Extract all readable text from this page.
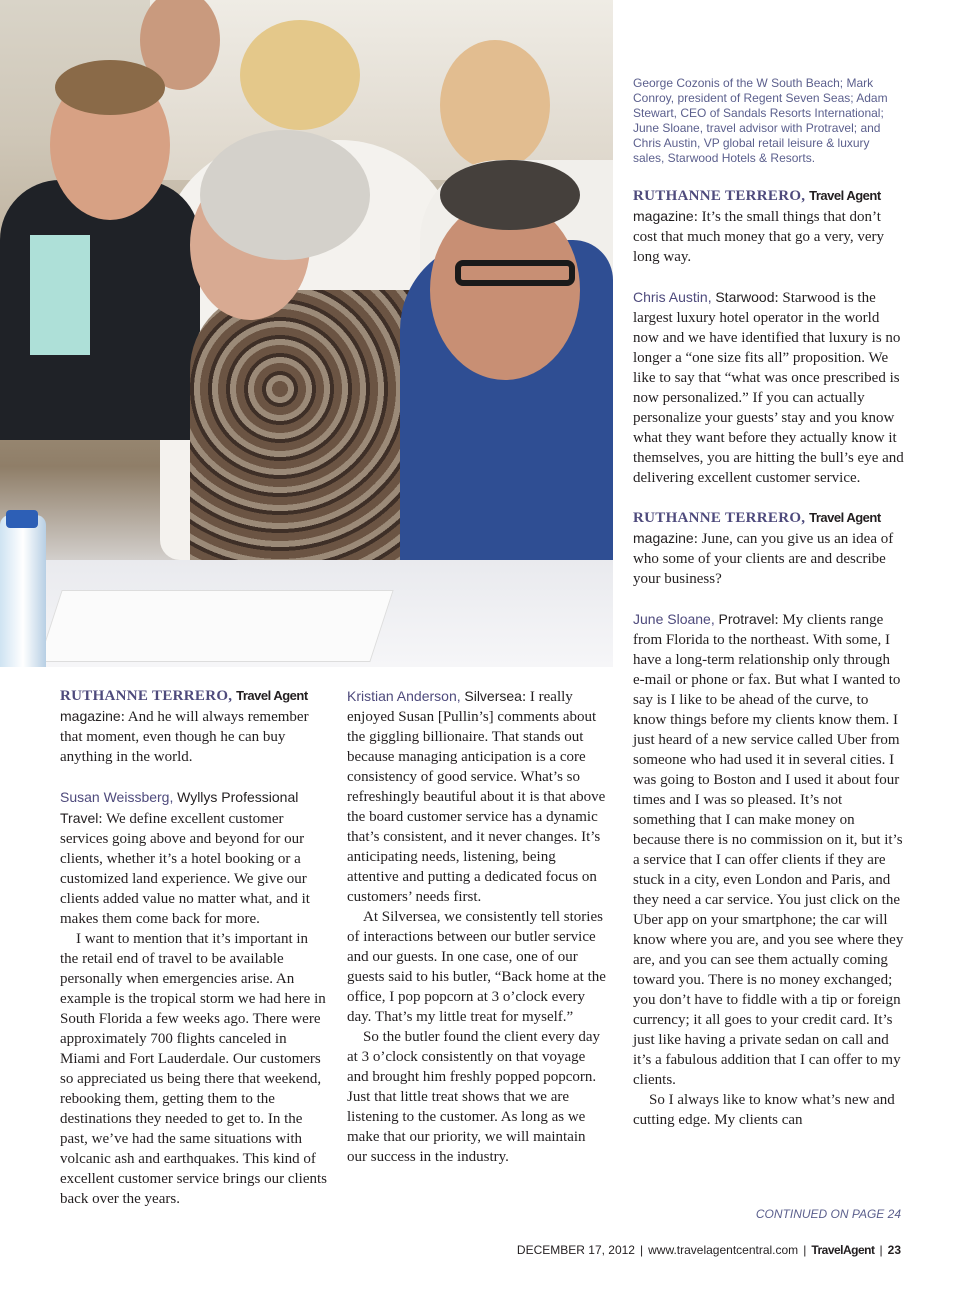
George Cozonis of the W South Beach; Mark Conroy, president of Regent Seven Seas; Adam Stewart, CEO of Sandals Resorts International; June Sloane, travel advisor with Protravel; and Chris Austin, VP global retail leisure & luxury sales, Starwood Hotels & Resorts.

RUTHANNE TERRERO, Travel Agent
magazine: And he will always remember that moment, even though he can buy anything in the world.

Susan Weissberg, Wyllys Professional Travel: We define excellent customer services going above and beyond for our clients, whether it’s a hotel booking or a customized land experience. We give our clients added value no matter what, and it makes them come back for more.

I want to mention that it’s important in the retail end of travel to be available personally when emergencies arise. An example is the tropical storm we had here in South Florida a few weeks ago. There were approximately 700 flights canceled in Miami and Fort Lauderdale. Our customers so appreciated us being there that weekend, rebooking them, getting them to the destinations they needed to get to. In the past, we’ve had the same situations with volcanic ash and earthquakes. This kind of excellent customer service brings our clients back over the years.

Kristian Anderson, Silversea: I really enjoyed Susan [Pullin’s] comments about the giggling billionaire. That stands out because managing anticipation is a core consistency of good service. What’s so refreshingly beautiful about it is that above the board customer service has a dynamic that’s consistent, and it never changes. It’s anticipating needs, listening, being attentive and putting a dedicated focus on customers’ needs first.

At Silversea, we consistently tell stories of interactions between our butler service and our guests. In one case, one of our guests said to his butler, “Back home at the office, I pop popcorn at 3 o’clock every day. That’s my little treat for myself.”

So the butler found the client every day at 3 o’clock consistently on that voyage and brought him freshly popped popcorn. Just that little treat shows that we are listening to the customer. As long as we make that our priority, we will maintain our success in the industry.

RUTHANNE TERRERO, Travel Agent
magazine: It’s the small things that don’t cost that much money that go a very, very long way.

Chris Austin, Starwood: Starwood is the largest luxury hotel operator in the world now and we have identified that luxury is no longer a “one size fits all” proposition. We like to say that “what was once prescribed is now personalized.” If you can actually personalize your guests’ stay and you know what they want before they actually know it themselves, you are hitting the bull’s eye and delivering excellent customer service.

RUTHANNE TERRERO, Travel Agent
magazine: June, can you give us an idea of who some of your clients are and describe your business?

June Sloane, Protravel: My clients range from Florida to the northeast. With some, I have a long-term relationship only through e-mail or phone or fax. But what I wanted to say is I like to be ahead of the curve, to know things before my clients know them. I just heard of a new service called Uber from someone who had used it in several cities. I was going to Boston and I used it about four times and I was so pleased. It’s not something that I can make money on because there is no commission on it, but it’s a service that I can offer clients if they are stuck in a city, even London and Paris, and they need a car service. You just click on the Uber app on your smartphone; the car will know where you are, and you see where they are, and you can see them actually coming toward you. There is no money exchanged; you don’t have to fiddle with a tip or foreign currency; it all goes to your credit card. It’s just like having a private sedan on call and it’s a fabulous addition that I can offer to my clients.

So I always like to know what’s new and cutting edge. My clients can

CONTINUED ON PAGE 24
DECEMBER 17, 2012 | www.travelagentcentral.com | TravelAgent | 23
